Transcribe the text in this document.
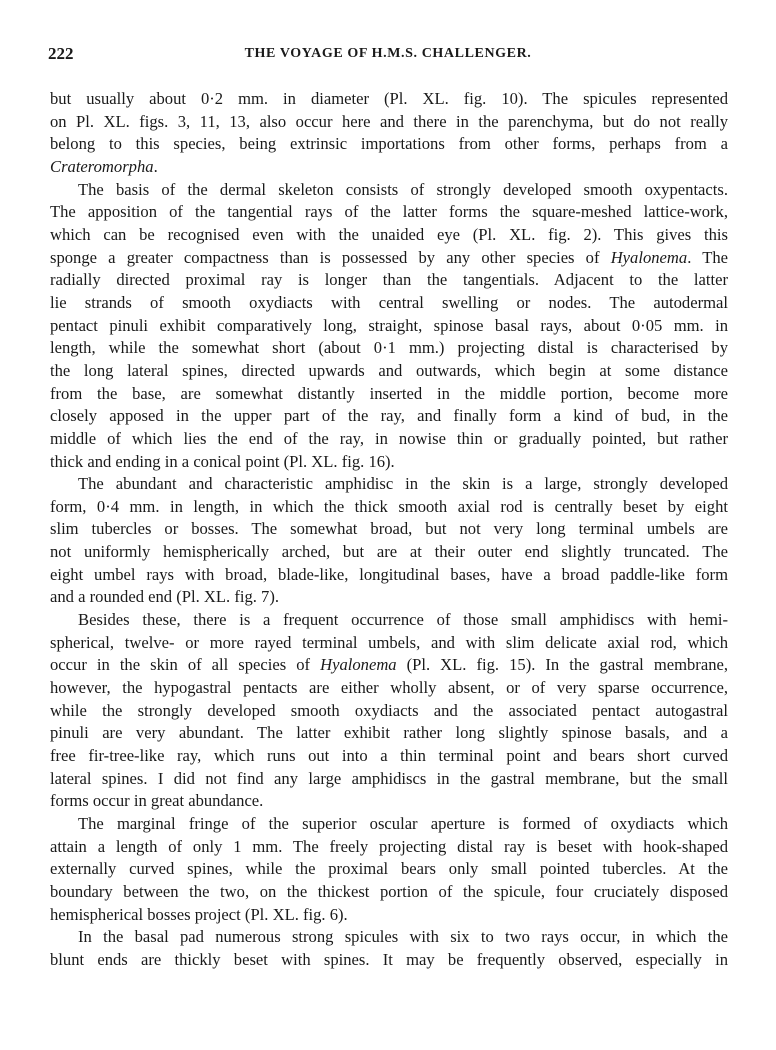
222	THE VOYAGE OF H.M.S. CHALLENGER.
but usually about 0·2 mm. in diameter (Pl. XL. fig. 10). The spicules represented
on Pl. XL. figs. 3, 11, 13, also occur here and there in the parenchyma, but do not really
belong to this species, being extrinsic importations from other forms, perhaps from a
Crateromorpha.
The basis of the dermal skeleton consists of strongly developed smooth oxypentacts.
The apposition of the tangential rays of the latter forms the square-meshed lattice-work,
which can be recognised even with the unaided eye (Pl. XL. fig. 2). This gives this
sponge a greater compactness than is possessed by any other species of Hyalonema. The
radially directed proximal ray is longer than the tangentials. Adjacent to the latter
lie strands of smooth oxydiacts with central swelling or nodes. The autodermal
pentact pinuli exhibit comparatively long, straight, spinose basal rays, about 0·05 mm. in
length, while the somewhat short (about 0·1 mm.) projecting distal is characterised by
the long lateral spines, directed upwards and outwards, which begin at some distance
from the base, are somewhat distantly inserted in the middle portion, become more
closely apposed in the upper part of the ray, and finally form a kind of bud, in the
middle of which lies the end of the ray, in nowise thin or gradually pointed, but rather
thick and ending in a conical point (Pl. XL. fig. 16).
The abundant and characteristic amphidisc in the skin is a large, strongly developed
form, 0·4 mm. in length, in which the thick smooth axial rod is centrally beset by eight
slim tubercles or bosses. The somewhat broad, but not very long terminal umbels are
not uniformly hemispherically arched, but are at their outer end slightly truncated. The
eight umbel rays with broad, blade-like, longitudinal bases, have a broad paddle-like form
and a rounded end (Pl. XL. fig. 7).
Besides these, there is a frequent occurrence of those small amphidiscs with hemi-
spherical, twelve- or more rayed terminal umbels, and with slim delicate axial rod, which
occur in the skin of all species of Hyalonema (Pl. XL. fig. 15). In the gastral membrane,
however, the hypogastral pentacts are either wholly absent, or of very sparse occurrence,
while the strongly developed smooth oxydiacts and the associated pentact autogastral
pinuli are very abundant. The latter exhibit rather long slightly spinose basals, and a
free fir-tree-like ray, which runs out into a thin terminal point and bears short curved
lateral spines. I did not find any large amphidiscs in the gastral membrane, but the small
forms occur in great abundance.
The marginal fringe of the superior oscular aperture is formed of oxydiacts which
attain a length of only 1 mm. The freely projecting distal ray is beset with hook-shaped
externally curved spines, while the proximal bears only small pointed tubercles. At the
boundary between the two, on the thickest portion of the spicule, four cruciately disposed
hemispherical bosses project (Pl. XL. fig. 6).
In the basal pad numerous strong spicules with six to two rays occur, in which the
blunt ends are thickly beset with spines. It may be frequently observed, especially in
